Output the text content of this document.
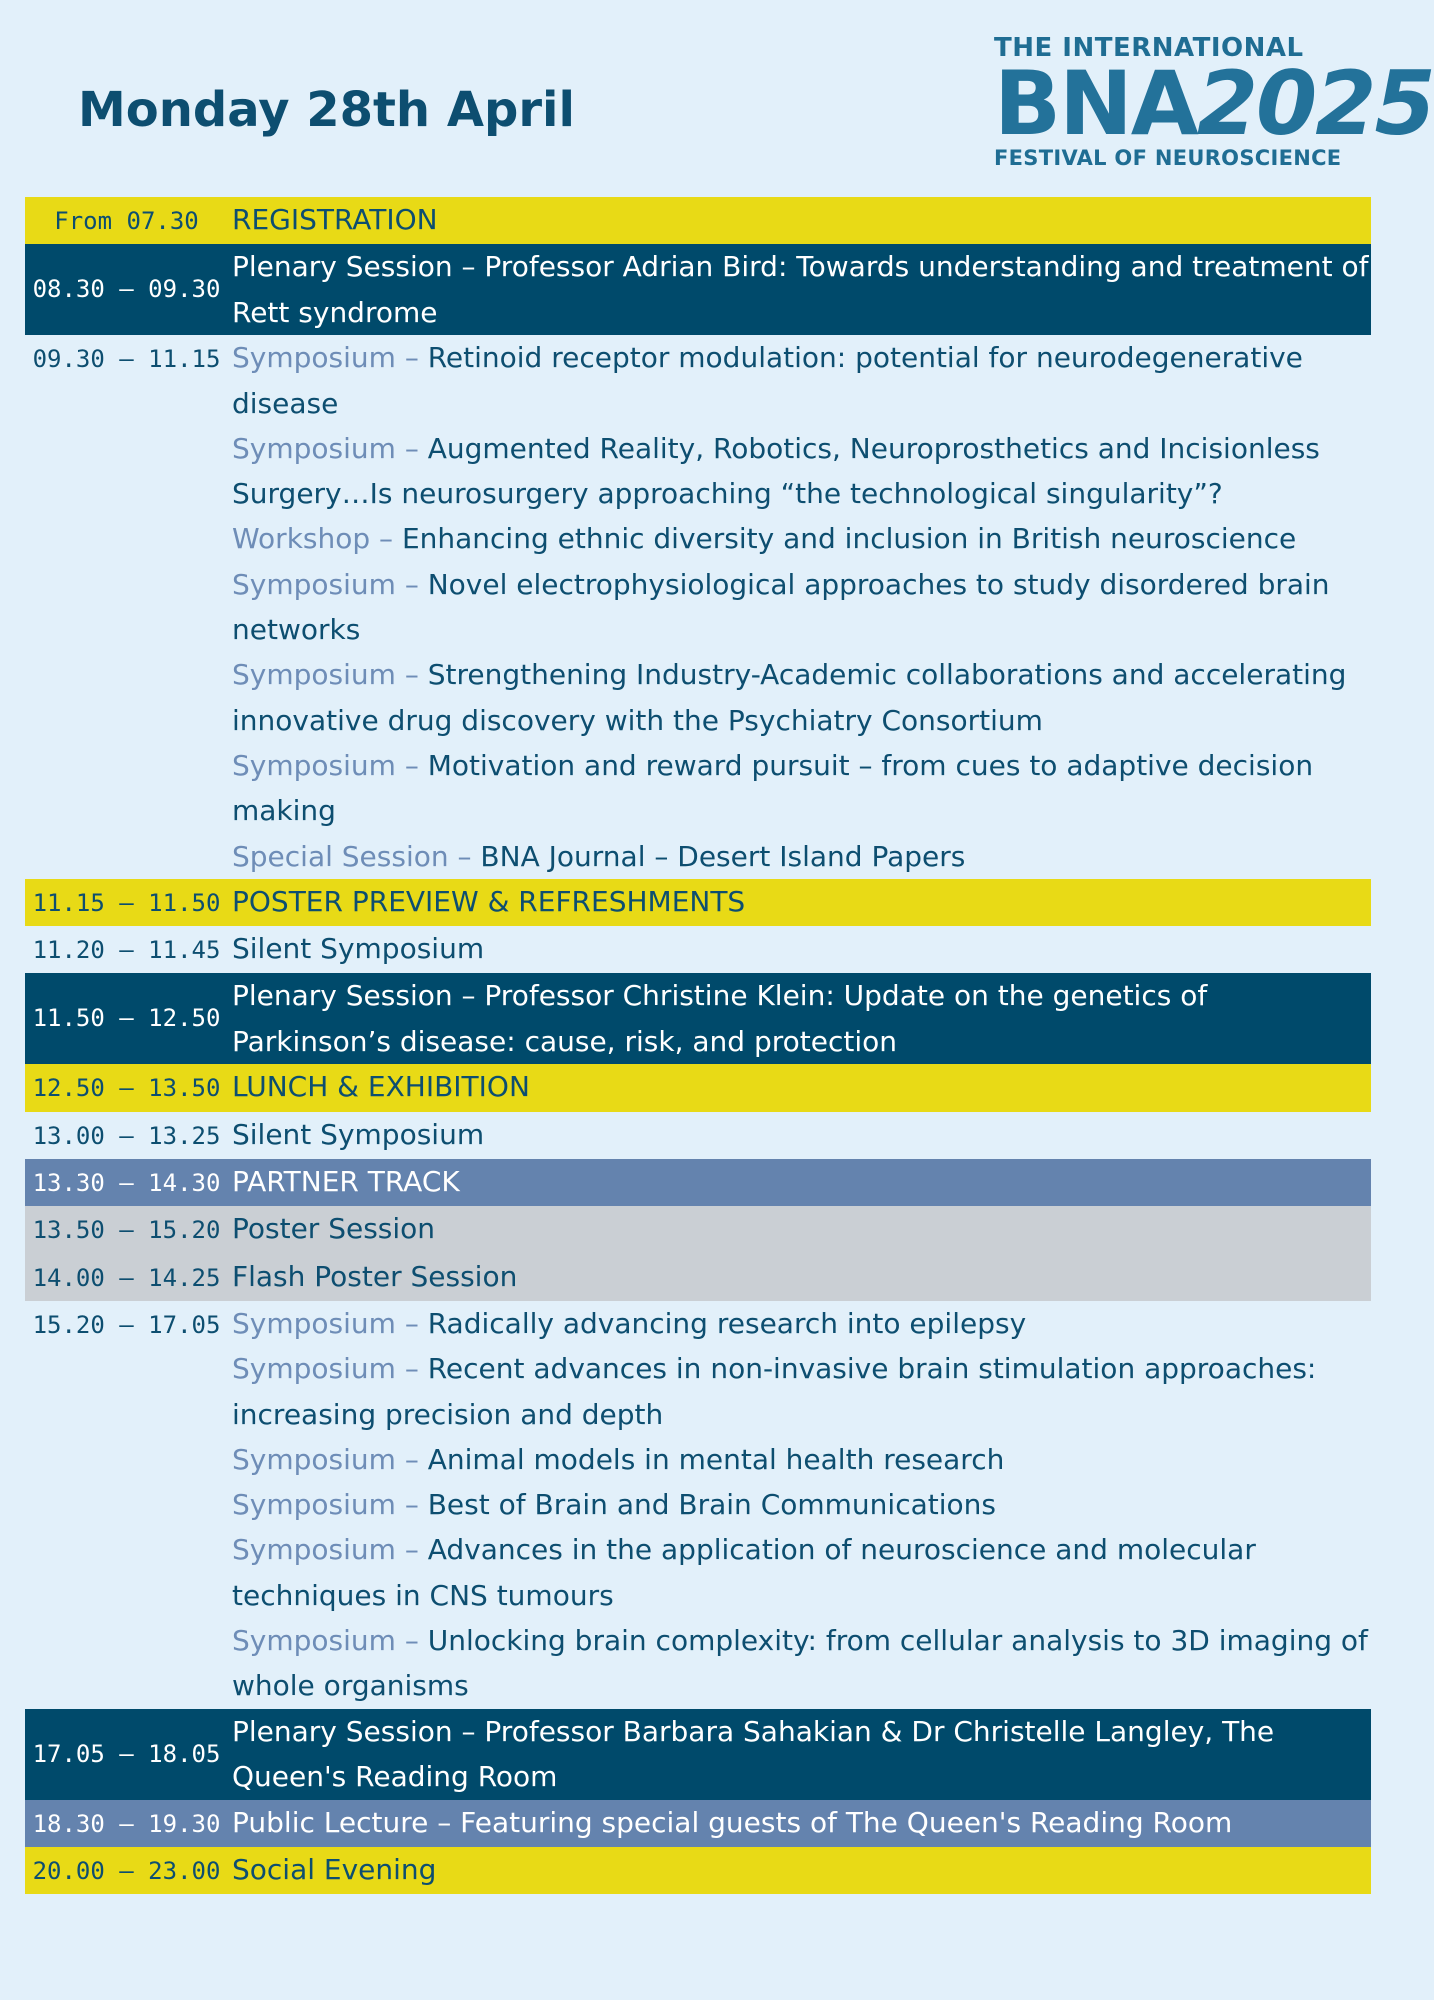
Monday 28th April
THE INTERNATIONAL
BNA2025
FESTIVAL OF NEUROSCIENCE
From 07.30	REGISTRATION
08.30 – 09.30
Plenary Session – Professor Adrian Bird: Towards understanding and treatment of Rett syndrome
09.30 – 11.15 Symposium – Retinoid receptor modulation: potential for neurodegenerative disease
Symposium – Augmented Reality, Robotics, Neuroprosthetics and Incisionless Surgery…Is neurosurgery approaching “the technological singularity”?
Workshop – Enhancing ethnic diversity and inclusion in British neuroscience
Symposium – Novel electrophysiological approaches to study disordered brain networks
Symposium – Strengthening Industry-Academic collaborations and accelerating innovative drug discovery with the Psychiatry Consortium
Symposium – Motivation and reward pursuit – from cues to adaptive decision making
Special Session – BNA Journal – Desert Island Papers
11.15 – 11.50 POSTER PREVIEW & REFRESHMENTS
11.20 – 11.45 Silent Symposium
11.50 – 12.50
Plenary Session – Professor Christine Klein: Update on the genetics of Parkinson’s disease: cause, risk, and protection
12.50 – 13.50 LUNCH & EXHIBITION
13.00 – 13.25 Silent Symposium
13.30 – 14.30 PARTNER TRACK
13.50 – 15.20 Poster Session
14.00 – 14.25 Flash Poster Session
15.20 – 17.05 Symposium – Radically advancing research into epilepsy
Symposium – Recent advances in non-invasive brain stimulation approaches: increasing precision and depth
Symposium – Animal models in mental health research
Symposium – Best of Brain and Brain Communications
Symposium – Advances in the application of neuroscience and molecular techniques in CNS tumours
Symposium – Unlocking brain complexity: from cellular analysis to 3D imaging of whole organisms
17.05 – 18.05
Plenary Session – Professor Barbara Sahakian & Dr Christelle Langley, The Queen's Reading Room
18.30 – 19.30 Public Lecture – Featuring special guests of The Queen's Reading Room
20.00 – 23.00 Social Evening
